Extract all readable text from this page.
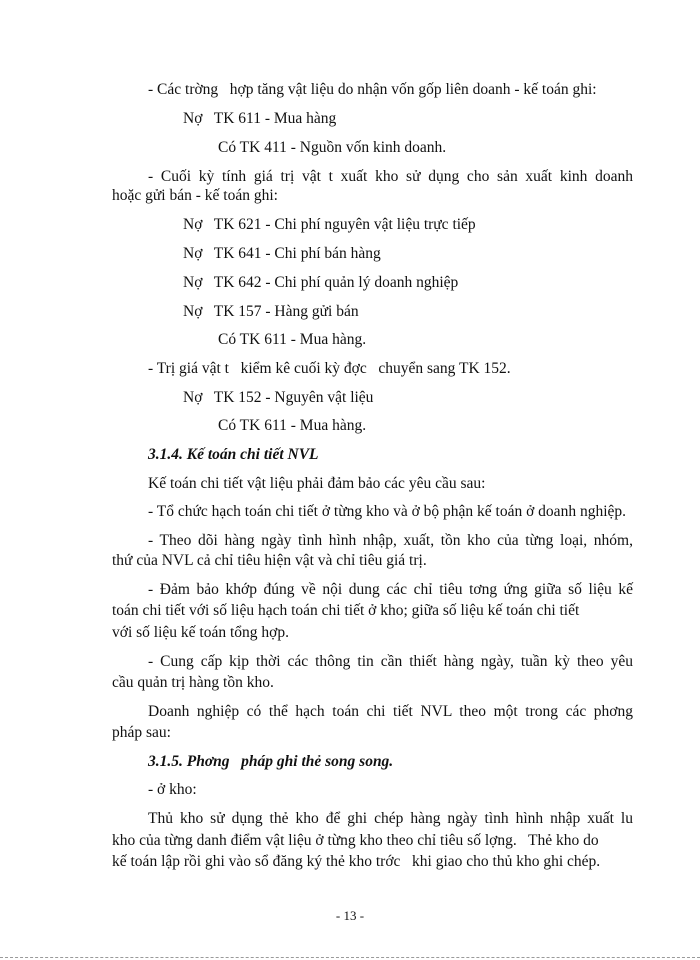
- Các trờng   hợp tăng vật liệu do nhận vốn gốp liên doanh - kế toán ghi:
Nợ   TK 611 - Mua hàng
Có TK 411 - Nguồn vốn kinh doanh.
- Cuối kỳ tính giá trị vật t xuất kho sử dụng cho sản xuất kinh doanh
hoặc gửi bán - kế toán ghi:
Nợ   TK 621 - Chi phí nguyên vật liệu trực tiếp
Nợ   TK 641 - Chi phí bán hàng
Nợ   TK 642 - Chi phí quản lý doanh nghiệp
Nợ   TK 157 - Hàng gửi bán
Có TK 611 - Mua hàng.
- Trị giá vật t   kiểm kê cuối kỳ đợc   chuyển sang TK 152.
Nợ   TK 152 - Nguyên vật liệu
Có TK 611 - Mua hàng.
3.1.4. Kế toán chi tiết NVL
Kế toán chi tiết vật liệu phải đảm bảo các yêu cầu sau:
- Tổ chức hạch toán chi tiết ở từng kho và ở bộ phận kế toán ở doanh nghiệp.
- Theo dõi hàng ngày tình hình nhập, xuất, tồn kho của từng loại, nhóm,
thứ của NVL cả chỉ tiêu hiện vật và chỉ tiêu giá trị.
- Đảm bảo khớp đúng về nội dung các chỉ tiêu tơng ứng giữa số liệu kế
toán chi tiết với số liệu hạch toán chi tiết ở kho; giữa số liệu kế toán chi tiết
với số liệu kế toán tổng hợp.
- Cung cấp kịp thời các thông tin cần thiết hàng ngày, tuần kỳ theo yêu
cầu quản trị hàng tồn kho.
Doanh nghiệp có thể hạch toán chi tiết NVL theo một trong các phơng
pháp sau:
3.1.5. Phơng   pháp ghi thẻ song song.
- ở kho:
Thủ kho sử dụng thẻ kho để ghi chép hàng ngày tình hình nhập xuất lu
kho của từng danh điểm vật liệu ở từng kho theo chỉ tiêu số lợng.   Thẻ kho do
kế toán lập rồi ghi vào sổ đăng ký thẻ kho trớc   khi giao cho thủ kho ghi chép.
- 13 -
